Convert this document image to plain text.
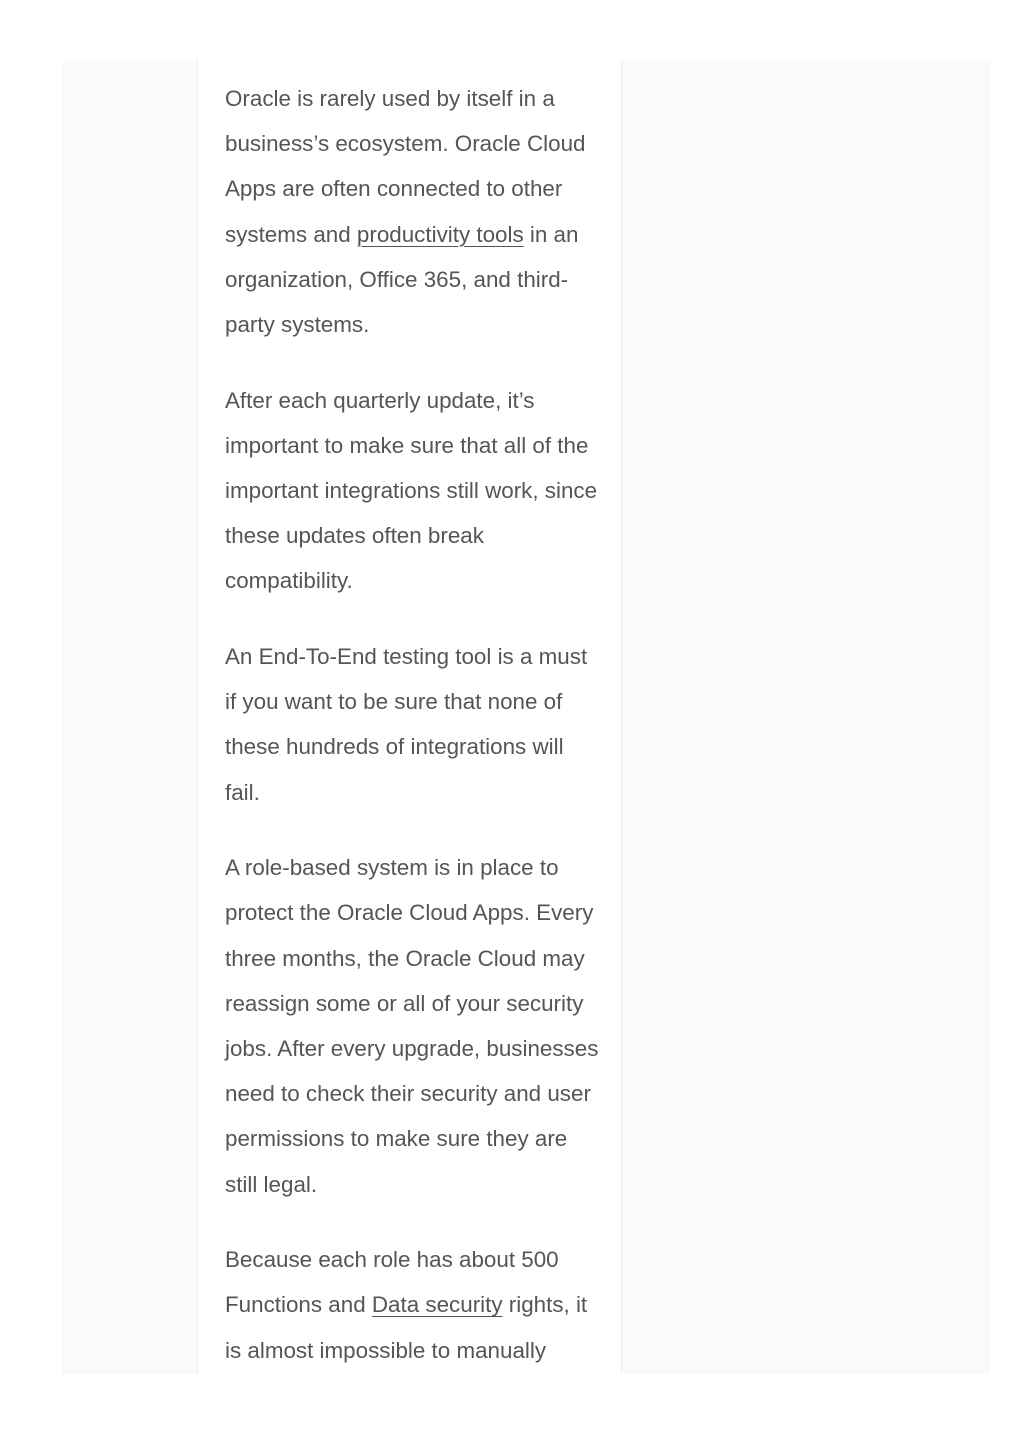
Oracle is rarely used by itself in a business’s ecosystem. Oracle Cloud Apps are often connected to other systems and productivity tools in an organization, Office 365, and third-party systems.

After each quarterly update, it’s important to make sure that all of the important integrations still work, since these updates often break compatibility.

An End-To-End testing tool is a must if you want to be sure that none of these hundreds of integrations will fail.

A role-based system is in place to protect the Oracle Cloud Apps. Every three months, the Oracle Cloud may reassign some or all of your security jobs. After every upgrade, businesses need to check their security and user permissions to make sure they are still legal.

Because each role has about 500 Functions and Data security rights, it is almost impossible to manually
